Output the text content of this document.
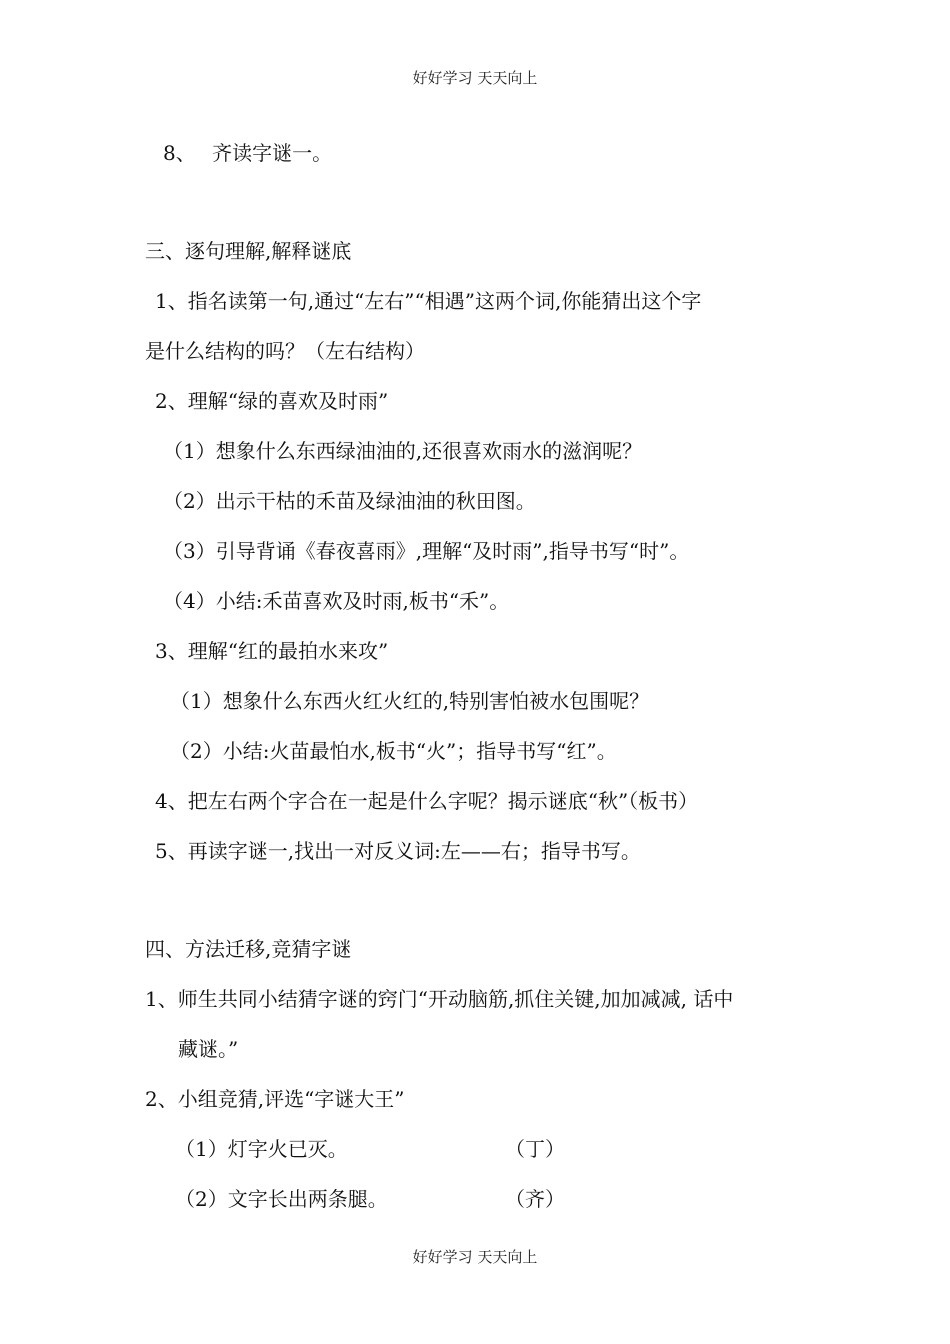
好好学习 天天向上
8、　 齐读字谜一。
三、逐句理解,解释谜底
1、指名读第一句,通过“左右”“相遇”这两个词,你能猜出这个字
是什么结构的吗？（左右结构）
2、理解“绿的喜欢及时雨”
（1）想象什么东西绿油油的,还很喜欢雨水的滋润呢？
（2）出示干枯的禾苗及绿油油的秋田图。
（3）引导背诵《春夜喜雨》,理解“及时雨”,指导书写“时”。
（4）小结:禾苗喜欢及时雨,板书“禾”。
3、理解“红的最拍水来攻”
（1）想象什么东西火红火红的,特别害怕被水包围呢？
（2）小结:火苗最怕水,板书“火”；指导书写“红”。
4、把左右两个字合在一起是什么字呢？揭示谜底“秋”（板书）
5、再读字谜一,找出一对反义词:左——右；指导书写。
四、方法迁移,竞猜字谜
1、师生共同小结猜字谜的窍门“开动脑筋,抓住关键,加加减减, 话中
藏谜。”
2、小组竞猜,评选“字谜大王”
（1）灯字火已灭。	（丁）
（2）文字长出两条腿。	（齐）
好好学习 天天向上
